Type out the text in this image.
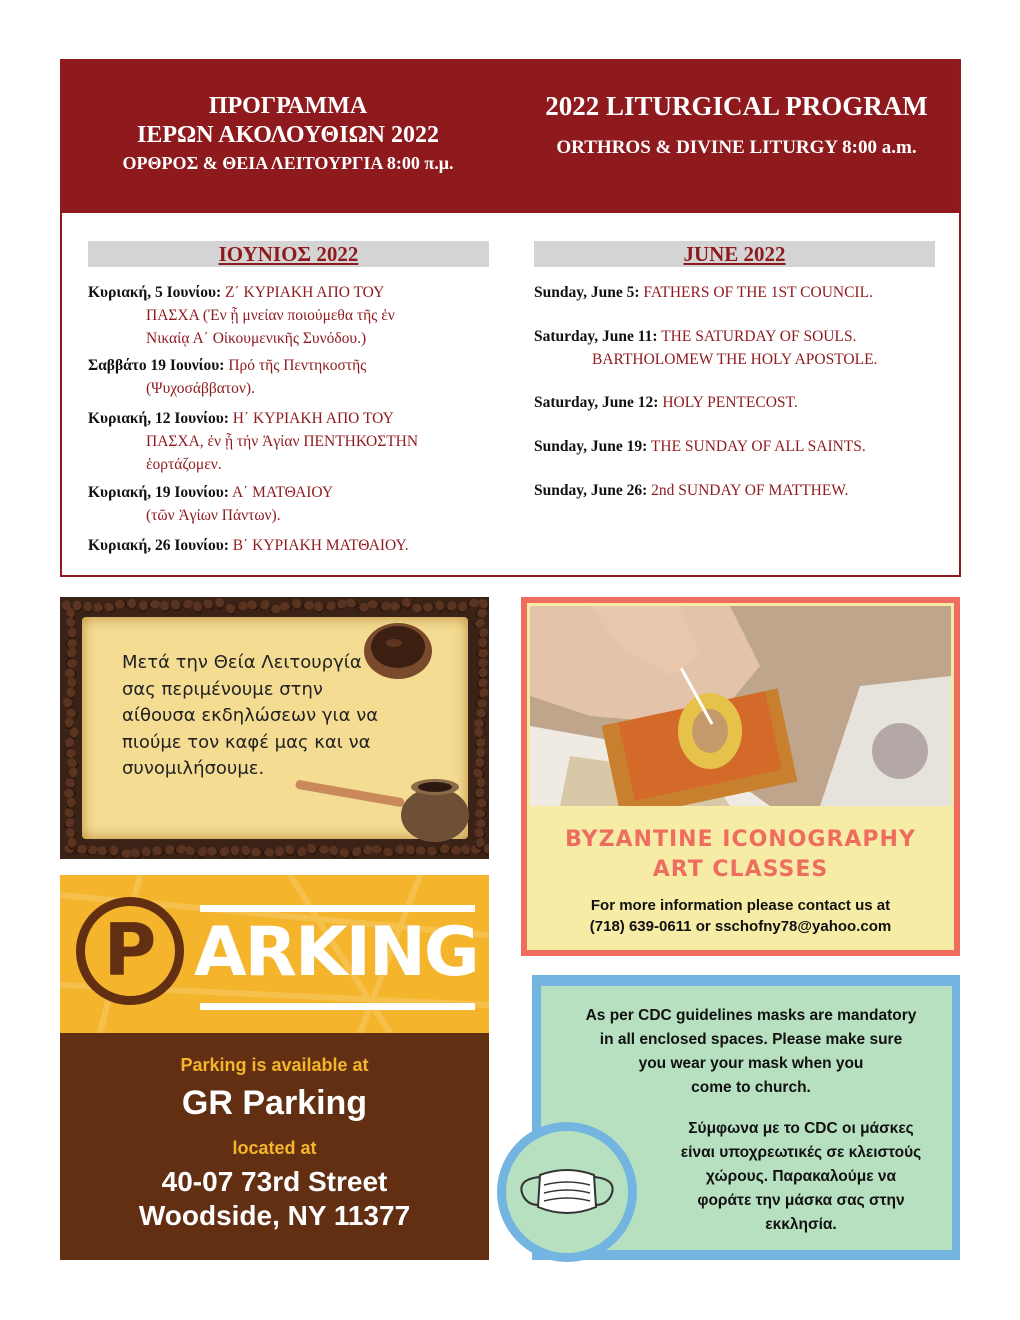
ΠΡΟΓΡΑΜΜΑ
ΙΕΡΩΝ ΑΚΟΛΟΥΘΙΩΝ 2022
ΟΡΘΡΟΣ & ΘΕΙΑ ΛΕΙΤΟΥΡΓΙΑ 8:00 π.μ.
2022 LITURGICAL PROGRAM
ORTHROS & DIVINE LITURGY 8:00 a.m.
ΙΟΥΝΙΟΣ 2022	JUNE 2022
Κυριακή, 5 Ιουνίου: Ζ΄ ΚΥΡΙΑΚΗ ΑΠΟ ΤΟΥ
ΠΑΣΧΑ (Ἐν ᾗ μνείαν ποιούμεθα τῆς ἐν
Νικαίᾳ Α΄ Οἰκουμενικῆς Συνόδου.)
Σαββάτο 19 Ιουνίου: Πρό τῆς Πεντηκοστῆς
(Ψυχοσάββατον).
Κυριακή, 12 Ιουνίου: Η΄ ΚΥΡΙΑΚΗ ΑΠΟ ΤΟΥ
ΠΑΣΧΑ, ἐν ᾗ τήν Ἁγίαν ΠΕΝΤΗΚΟΣΤΗΝ
ἑορτάζομεν.
Κυριακή, 19 Ιουνίου: Α΄ ΜΑΤΘΑΙΟΥ
(τῶν Ἁγίων Πάντων).
Κυριακή, 26 Ιουνίου: Β΄ ΚΥΡΙΑΚΗ ΜΑΤΘΑΙΟΥ.
Sunday, June 5: FATHERS OF THE 1ST COUNCIL.
Saturday, June 11: THE SATURDAY OF SOULS.
BARTHOLOMEW THE HOLY APOSTOLE.
Saturday, June 12: HOLY PENTECOST.
Sunday, June 19: THE SUNDAY OF ALL SAINTS.
Sunday, June 26: 2nd SUNDAY OF MATTHEW.
Μετά την Θεία Λειτουργία
σας περιμένουμε στην
αίθουσα εκδηλώσεων για να
πιούμε τον καφέ μας και να
συνομιλήσουμε.
BYZANTINE ICONOGRAPHY
ART CLASSES
For more information please contact us at
(718) 639-0611 or sschofny78@yahoo.com
P ARKING
Parking is available at
GR Parking
located at
40-07 73rd Street
Woodside, NY 11377
As per CDC guidelines masks are mandatory
in all enclosed spaces. Please make sure
you wear your mask when you
come to church.
Σύμφωνα με το CDC οι μάσκες
είναι υποχρεωτικές σε κλειστούς
χώρους. Παρακαλούμε να
φοράτε την μάσκα σας στην
εκκλησία.
